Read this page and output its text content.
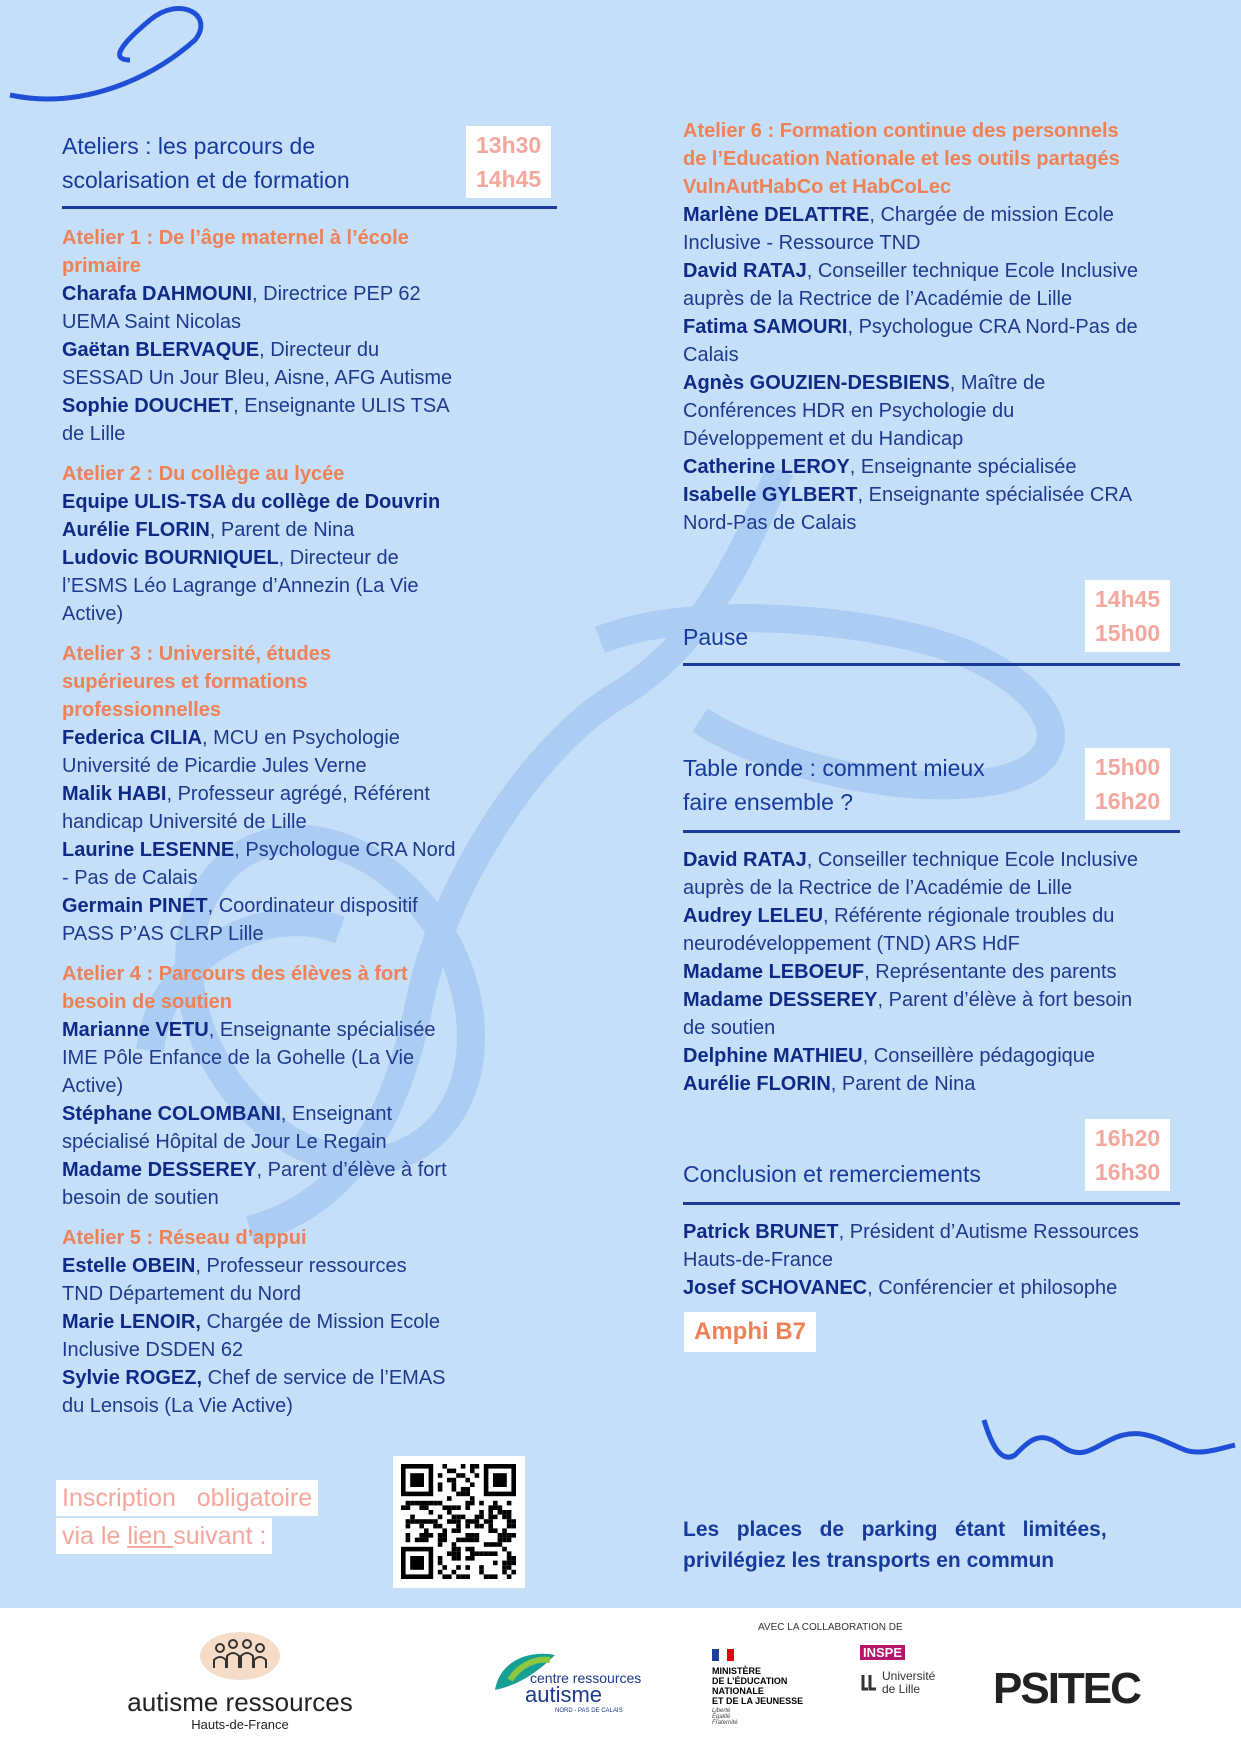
Ateliers : les parcours de
scolarisation et de formation
13h30
14h45
Atelier 1 : De l’âge maternel à l’école
primaire
Charafa DAHMOUNI, Directrice PEP 62
UEMA Saint Nicolas
Gaëtan BLERVAQUE, Directeur du
SESSAD Un Jour Bleu, Aisne, AFG Autisme
Sophie DOUCHET, Enseignante ULIS TSA
de Lille
Atelier 2 : Du collège au lycée
Equipe ULIS-TSA du collège de Douvrin
Aurélie FLORIN, Parent de Nina
Ludovic BOURNIQUEL, Directeur de
l’ESMS Léo Lagrange d’Annezin (La Vie
Active)
Atelier 3 : Université, études
supérieures et formations
professionnelles
Federica CILIA, MCU en Psychologie
Université de Picardie Jules Verne
Malik HABI, Professeur agrégé, Référent
handicap Université de Lille
Laurine LESENNE, Psychologue CRA Nord
- Pas de Calais
Germain PINET, Coordinateur dispositif
PASS P’AS CLRP Lille
Atelier 4 : Parcours des élèves à fort
besoin de soutien
Marianne VETU, Enseignante spécialisée
IME Pôle Enfance de la Gohelle (La Vie
Active)
Stéphane COLOMBANI, Enseignant
spécialisé Hôpital de Jour Le Regain
Madame DESSEREY, Parent d’élève à fort
besoin de soutien
Atelier 5 : Réseau d’appui
Estelle OBEIN, Professeur ressources
TND Département du Nord
Marie LENOIR, Chargée de Mission Ecole
Inclusive DSDEN 62
Sylvie ROGEZ, Chef de service de l’EMAS
du Lensois (La Vie Active)
Inscription   obligatoire
via le lien suivant :
Atelier 6 : Formation continue des personnels
de l’Education Nationale et les outils partagés
VulnAutHabCo et HabCoLec
Marlène DELATTRE, Chargée de mission Ecole
Inclusive - Ressource TND
David RATAJ, Conseiller technique Ecole Inclusive
auprès de la Rectrice de l’Académie de Lille
Fatima SAMOURI, Psychologue CRA Nord-Pas de
Calais
Agnès GOUZIEN-DESBIENS, Maître de
Conférences HDR en Psychologie du
Développement et du Handicap
Catherine LEROY, Enseignante spécialisée
Isabelle GYLBERT, Enseignante spécialisée CRA
Nord-Pas de Calais
14h45
15h00
Pause
Table ronde : comment mieux
faire ensemble ?
15h00
16h20
David RATAJ, Conseiller technique Ecole Inclusive
auprès de la Rectrice de l’Académie de Lille
Audrey LELEU, Référente régionale troubles du
neurodéveloppement (TND) ARS HdF
Madame LEBOEUF, Représentante des parents
Madame DESSEREY, Parent d’élève à fort besoin
de soutien
Delphine MATHIEU, Conseillère pédagogique
Aurélie FLORIN, Parent de Nina
16h20
16h30
Conclusion et remerciements
Patrick BRUNET, Président d’Autisme Ressources
Hauts-de-France
Josef SCHOVANEC, Conférencier et philosophe
Amphi B7
Les   places   de   parking   étant   limitées,
privilégiez les transports en commun
autisme ressources
Hauts-de-France
centre ressources
autisme
NORD - PAS DE CALAIS
AVEC LA COLLABORATION DE
MINISTÈRE
DE L’ÉDUCATION
NATIONALE
ET DE LA JEUNESSE
Liberté
Égalité
Fraternité
INSPE
Université
de Lille	PSITEC
